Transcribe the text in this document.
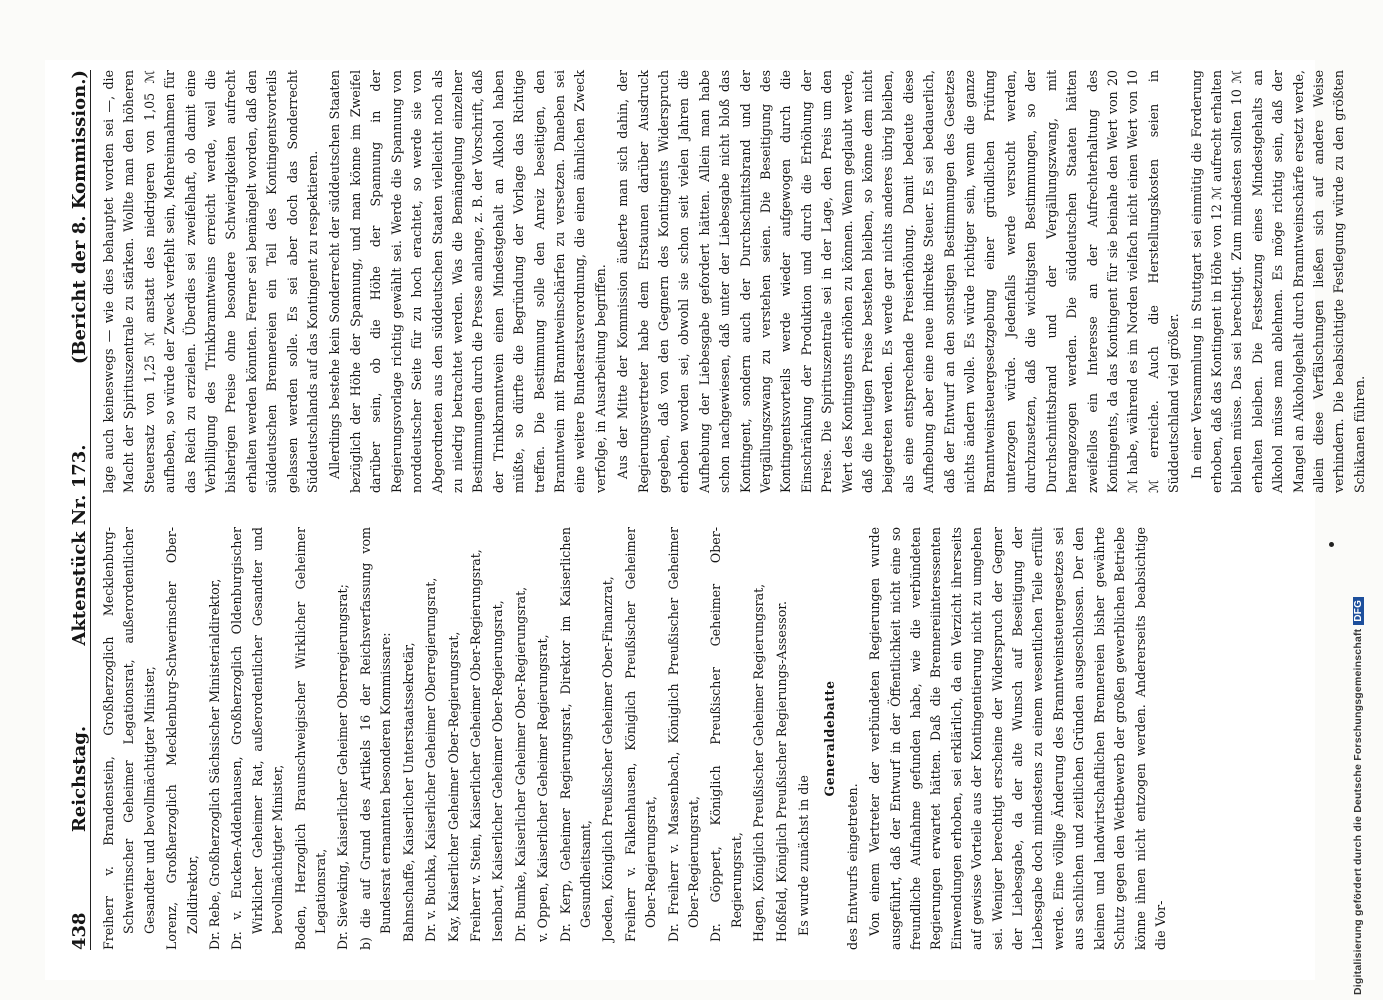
438
Reichstag.
Aktenstück Nr. 173.
(Bericht der 8. Kommission.)

Freiherr v. Brandenstein, Großherzoglich Mecklenburg-Schwerinscher Geheimer Legationsrat, außerordentlicher Gesandter und bevollmächtigter Minister, Lorenz, Großherzoglich Mecklenburg-Schwerinscher Ober-Zolldirektor, Dr. Rebe, Großherzoglich Sächsischer Ministerialdirektor, Dr. v. Eucken-Addenhausen, Großherzoglich Oldenburgischer Wirklicher Geheimer Rat, außerordentlicher Gesandter und bevollmächtigter Minister, Boden, Herzoglich Braunschweigischer Wirklicher Geheimer Legationsrat, Dr. Sieveking, Kaiserlicher Geheimer Oberregierungsrat; b) die auf Grund des Artikels 16 der Reichsverfassung vom Bundesrat ernannten besonderen Kommissare: Bahnschaffe, Kaiserlicher Unterstaatssekretär, Dr. v. Buchka, Kaiserlicher Geheimer Oberregierungsrat, Kay, Kaiserlicher Geheimer Ober-Regierungsrat, Freiherr v. Stein, Kaiserlicher Geheimer Ober-Regierungsrat, Isenbart, Kaiserlicher Geheimer Ober-Regierungsrat, Dr. Bumke, Kaiserlicher Geheimer Ober-Regierungsrat, v. Oppen, Kaiserlicher Geheimer Regierungsrat, Dr. Kerp, Geheimer Regierungsrat, Direktor im Kaiserlichen Gesundheitsamt, Joeden, Königlich Preußischer Geheimer Ober-Finanzrat, Freiherr v. Falkenhausen, Königlich Preußischer Geheimer Ober-Regierungsrat, Dr. Freiherr v. Massenbach, Königlich Preußischer Geheimer Ober-Regierungsrat, Dr. Göppert, Königlich Preußischer Geheimer Ober-Regierungsrat, Hagen, Königlich Preußischer Geheimer Regierungsrat, Hoßfeld, Königlich Preußischer Regierungs-Assessor. Es wurde zunächst in die

Generaldebatte

des Entwurfs eingetreten. Von einem Vertreter der verbündeten Regierungen wurde ausgeführt, daß der Entwurf in der Öffentlichkeit nicht eine so freundliche Aufnahme gefunden habe, wie die verbündeten Regierungen erwartet hätten. Daß die Brennereiinteressenten Einwendungen erhoben, sei erklärlich, da ein Verzicht ihrerseits auf gewisse Vorteile aus der Kontingentierung nicht zu umgehen sei. Weniger berechtigt erscheine der Widerspruch der Gegner der Liebesgabe, da der alte Wunsch auf Beseitigung der Liebesgabe doch mindestens zu einem wesentlichen Teile erfüllt werde. Eine völlige Änderung des Branntweinsteuergesetzes sei aus sachlichen und zeitlichen Gründen ausgeschlossen. Der den kleinen und landwirtschaftlichen Brennereien bisher gewährte Schutz gegen den Wettbewerb der großen gewerblichen Betriebe könne ihnen nicht entzogen werden. Andererseits beabsichtige die Vor-

lage auch keineswegs — wie dies behauptet worden sei —, die Macht der Spirituszentrale zu stärken. Wollte man den höheren Steuersatz von 1,25 ℳ anstatt des niedrigeren von 1,05 ℳ aufheben, so würde der Zweck verfehlt sein, Mehreinnahmen für das Reich zu erzielen. Überdies sei zweifelhaft, ob damit eine Verbilligung des Trinkbranntweins erreicht werde, weil die bisherigen Preise ohne besondere Schwierigkeiten aufrecht erhalten werden könnten. Ferner sei bemängelt worden, daß den süddeutschen Brennereien ein Teil des Kontingentsvorteils gelassen werden solle. Es sei aber doch das Sonderrecht Süddeutschlands auf das Kontingent zu respektieren. Allerdings bestehe kein Sonderrecht der süddeutschen Staaten bezüglich der Höhe der Spannung, und man könne im Zweifel darüber sein, ob die Höhe der Spannung in der Regierungsvorlage richtig gewählt sei. Werde die Spannung von norddeutscher Seite für zu hoch erachtet, so werde sie von Abgeordneten aus den süddeutschen Staaten vielleicht noch als zu niedrig betrachtet werden. Was die Bemängelung einzelner Bestimmungen durch die Presse anlange, z. B. der Vorschrift, daß der Trinkbranntwein einen Mindestgehalt an Alkohol haben müßte, so dürfte die Begründung der Vorlage das Richtige treffen. Die Bestimmung solle den Anreiz beseitigen, den Branntwein mit Branntweinschärfen zu versetzen. Daneben sei eine weitere Bundesratsverordnung, die einen ähnlichen Zweck verfolge, in Ausarbeitung begriffen. Aus der Mitte der Kommission äußerte man sich dahin, der Regierungsvertreter habe dem Erstaunen darüber Ausdruck gegeben, daß von den Gegnern des Kontingents Widerspruch erhoben worden sei, obwohl sie schon seit vielen Jahren die Aufhebung der Liebesgabe gefordert hätten. Allein man habe schon nachgewiesen, daß unter der Liebesgabe nicht bloß das Kontingent, sondern auch der Durchschnittsbrand und der Vergällungszwang zu verstehen seien. Die Beseitigung des Kontingentsvorteils werde wieder aufgewogen durch die Einschränkung der Produktion und durch die Erhöhung der Preise. Die Spirituszentrale sei in der Lage, den Preis um den Wert des Kontingents erhöhen zu können. Wenn geglaubt werde, daß die heutigen Preise bestehen bleiben, so könne dem nicht beigetreten werden. Es werde gar nichts anderes übrig bleiben, als eine entsprechende Preiserhöhung. Damit bedeute diese Aufhebung aber eine neue indirekte Steuer. Es sei bedauerlich, daß der Entwurf an den sonstigen Bestimmungen des Gesetzes nichts ändern wolle. Es würde richtiger sein, wenn die ganze Branntweinsteuergesetzgebung einer gründlichen Prüfung unterzogen würde. Jedenfalls werde versucht werden, durchzusetzen, daß die wichtigsten Bestimmungen, so der Durchschnittsbrand und der Vergällungszwang, mit herangezogen werden. Die süddeutschen Staaten hätten zweifellos ein Interesse an der Aufrechterhaltung des Kontingents, da das Kontingent für sie beinahe den Wert von 20 ℳ habe, während es im Norden vielfach nicht einen Wert von 10 ℳ erreiche. Auch die Herstellungskosten seien in Süddeutschland viel größer. In einer Versammlung in Stuttgart sei einmütig die Forderung erhoben, daß das Kontingent in Höhe von 12 ℳ aufrecht erhalten bleiben müsse. Das sei berechtigt. Zum mindesten sollten 10 ℳ erhalten bleiben. Die Festsetzung eines Mindestgehalts an Alkohol müsse man ablehnen. Es möge richtig sein, daß der Mangel an Alkoholgehalt durch Branntweinschärfe ersetzt werde, allein diese Verfälschungen ließen sich auf andere Weise verhindern. Die beabsichtigte Festlegung würde zu den größten Schikanen führen.

Digitalisierung gefördert durch die Deutsche ForschungsgemeinschaftDFG
